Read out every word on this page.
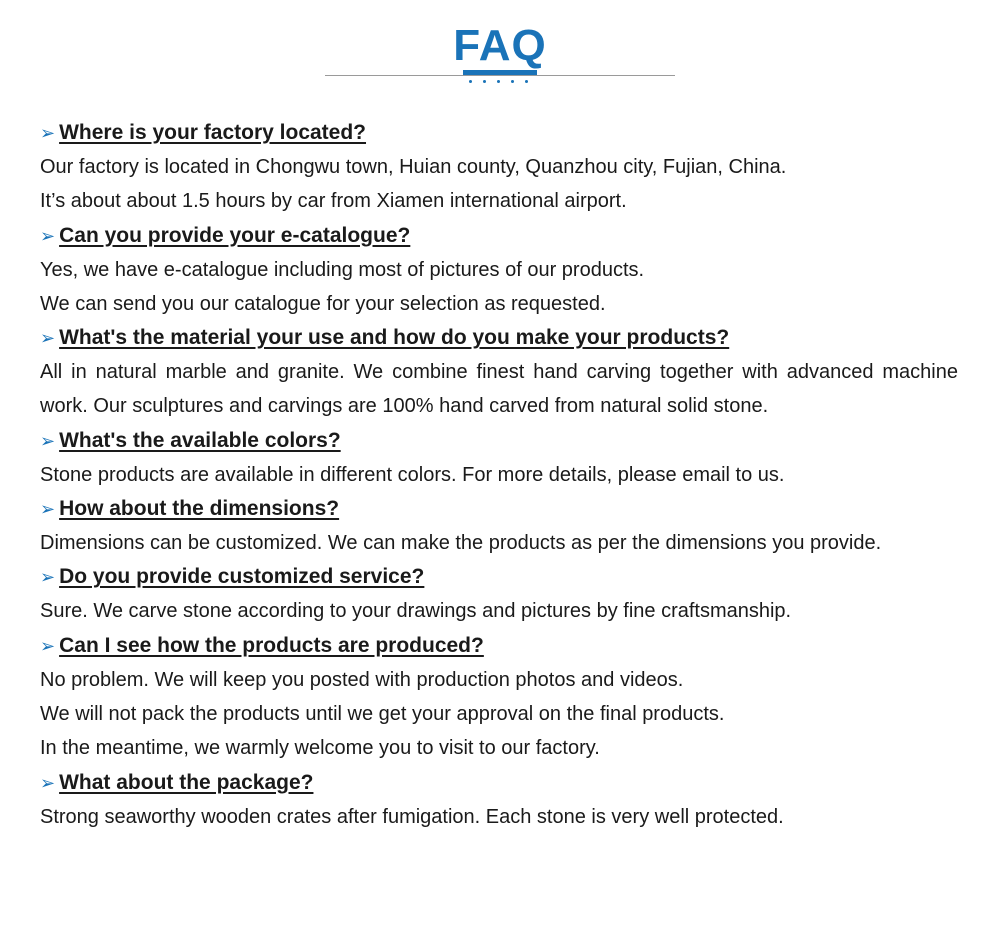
FAQ
➢ Where is your factory located?
Our factory is located in Chongwu town, Huian county, Quanzhou city, Fujian, China.
It’s about about 1.5 hours by car from Xiamen international airport.
➢ Can you provide your e-catalogue?
Yes, we have e-catalogue including most of pictures of our products.
We can send you our catalogue for your selection as requested.
➢ What's the material your use and how do you make your products?
All in natural marble and granite. We combine finest hand carving together with advanced machine work. Our sculptures and carvings are 100% hand carved from natural solid stone.
➢ What's the available colors?
Stone products are available in different colors. For more details, please email to us.
➢ How about the dimensions?
Dimensions can be customized. We can make the products as per the dimensions you provide.
➢ Do you provide customized service?
Sure. We carve stone according to your drawings and pictures by fine craftsmanship.
➢ Can I see how the products are produced?
No problem. We will keep you posted with production photos and videos.
We will not pack the products until we get your approval on the final products.
In the meantime, we warmly welcome you to visit to our factory.
➢ What about the package?
Strong seaworthy wooden crates after fumigation. Each stone is very well protected.
